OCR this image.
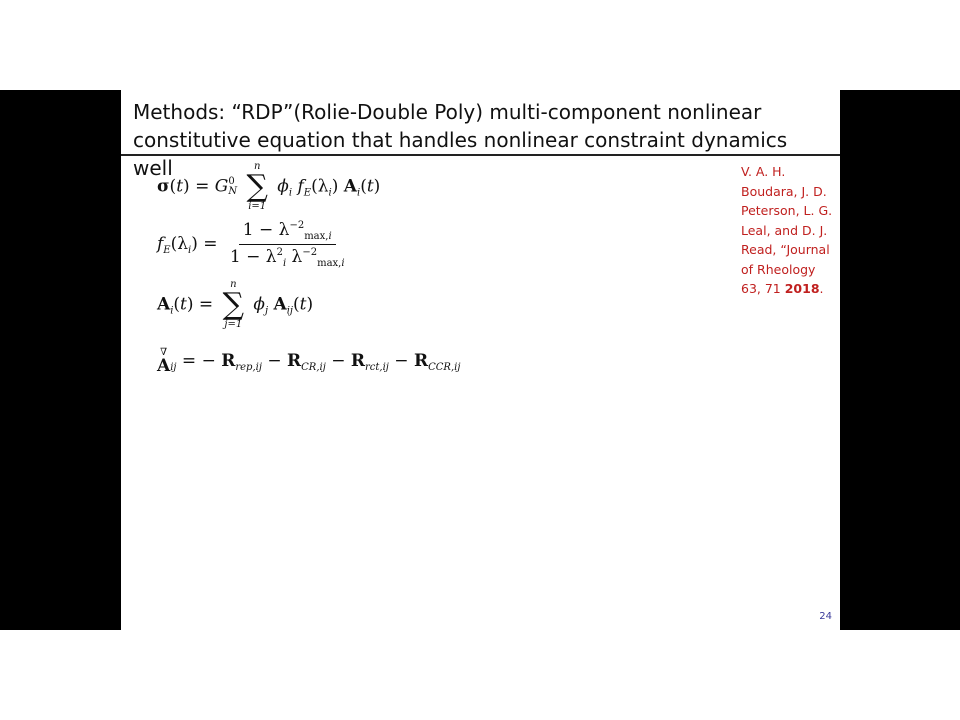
Methods: “RDP”(Rolie-Double Poly) multi-component nonlinear constitutive equation that handles nonlinear constraint dynamics well	V. A. H. Boudara, J. D. Peterson, L. G. Leal, and D. J. Read, “Journal of Rheology 63, 71 2018.
σ(t) = G 0
N

n
∑
i=1
$\phi_i$ $f_E(\lambda_i)$ $A_i(t)$
$f_E(\lambda_i) = \frac{1 - \lambda^{-2}_{max,i}}{1 - \lambda^2_i \lambda^{-2}_{max,i}}$
$A_i(t)$ =
n
∑
j=1
$\phi_j$ $A_{ij}(t)$
∇
A $_{ij}$ = − $R_{rep,ij} - R_{CR,ij} - R_{rct,ij} - R_{CCR,ij}$
24
